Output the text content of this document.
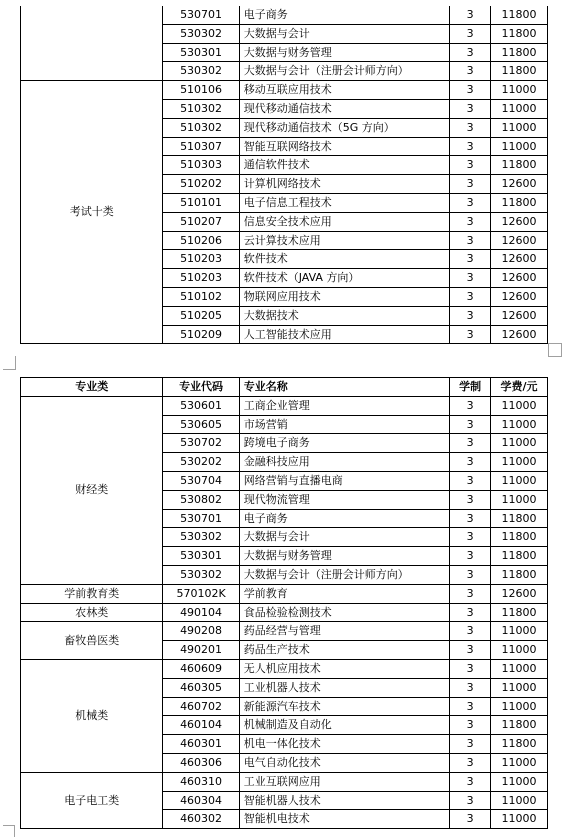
	530701	电子商务	3	11800
	530302	大数据与会计	3	11800
	530301	大数据与财务管理	3	11800
	530302	大数据与会计（注册会计师方向）	3	11800
考试十类	510106	移动互联应用技术	3	11000
	510302	现代移动通信技术	3	11000
	510302	现代移动通信技术（5G 方向）	3	11000
	510307	智能互联网络技术	3	11000
	510303	通信软件技术	3	11800
	510202	计算机网络技术	3	12600
	510101	电子信息工程技术	3	11800
	510207	信息安全技术应用	3	12600
	510206	云计算技术应用	3	12600
	510203	软件技术	3	12600
	510203	软件技术（JAVA 方向）	3	12600
	510102	物联网应用技术	3	12600
	510205	大数据技术	3	12600
	510209	人工智能技术应用	3	12600
专业类	专业代码	专业名称	学制	学费/元
财经类	530601	工商企业管理	3	11000
	530605	市场营销	3	11000
	530702	跨境电子商务	3	11000
	530202	金融科技应用	3	11000
	530704	网络营销与直播电商	3	11000
	530802	现代物流管理	3	11000
	530701	电子商务	3	11800
	530302	大数据与会计	3	11800
	530301	大数据与财务管理	3	11800
	530302	大数据与会计（注册会计师方向）	3	11800
学前教育类	570102K	学前教育	3	12600
农林类	490104	食品检验检测技术	3	11800
畜牧兽医类	490208	药品经营与管理	3	11000
	490201	药品生产技术	3	11000
机械类	460609	无人机应用技术	3	11000
	460305	工业机器人技术	3	11000
	460702	新能源汽车技术	3	11000
	460104	机械制造及自动化	3	11800
	460301	机电一体化技术	3	11800
	460306	电气自动化技术	3	11000
电子电工类	460310	工业互联网应用	3	11000
	460304	智能机器人技术	3	11000
	460302	智能机电技术	3	11000
